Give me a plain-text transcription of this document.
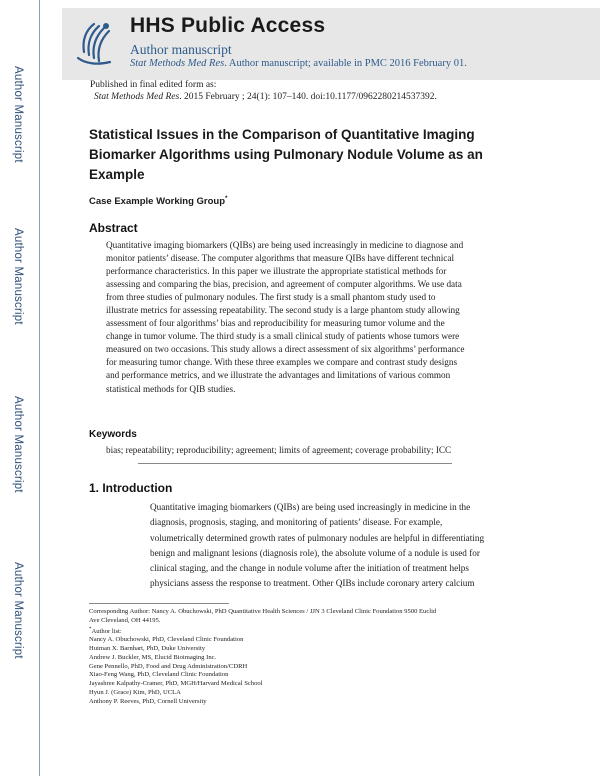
Author Manuscript
Author Manuscript
Author Manuscript
Author Manuscript
HHS Public Access
Author manuscript
Stat Methods Med Res. Author manuscript; available in PMC 2016 February 01.
Published in final edited form as:
Stat Methods Med Res. 2015 February ; 24(1): 107–140. doi:10.1177/0962280214537392.
Statistical Issues in the Comparison of Quantitative Imaging
Biomarker Algorithms using Pulmonary Nodule Volume as an
Example
Case Example Working Group*
Abstract
Quantitative imaging biomarkers (QIBs) are being used increasingly in medicine to diagnose and
monitor patients’ disease. The computer algorithms that measure QIBs have different technical
performance characteristics. In this paper we illustrate the appropriate statistical methods for
assessing and comparing the bias, precision, and agreement of computer algorithms. We use data
from three studies of pulmonary nodules. The first study is a small phantom study used to
illustrate metrics for assessing repeatability. The second study is a large phantom study allowing
assessment of four algorithms’ bias and reproducibility for measuring tumor volume and the
change in tumor volume. The third study is a small clinical study of patients whose tumors were
measured on two occasions. This study allows a direct assessment of six algorithms’ performance
for measuring tumor change. With these three examples we compare and contrast study designs
and performance metrics, and we illustrate the advantages and limitations of various common
statistical methods for QIB studies.
Keywords
bias; repeatability; reproducibility; agreement; limits of agreement; coverage probability; ICC
1. Introduction
Quantitative imaging biomarkers (QIBs) are being used increasingly in medicine in the
diagnosis, prognosis, staging, and monitoring of patients’ disease. For example,
volumetrically determined growth rates of pulmonary nodules are helpful in differentiating
benign and malignant lesions (diagnosis role), the absolute volume of a nodule is used for
clinical staging, and the change in nodule volume after the initiation of treatment helps
physicians assess the response to treatment. Other QIBs include coronary artery calcium
Corresponding Author: Nancy A. Obuchowski, PhD Quantitative Health Sciences / JJN 3 Cleveland Clinic Foundation 9500 Euclid
Ave Cleveland, OH 44195.
*Author list:
Nancy A. Obuchowski, PhD, Cleveland Clinic Foundation
Huiman X. Barnhart, PhD, Duke University
Andrew J. Buckler, MS, Elucid Bioimaging Inc.
Gene Pennello, PhD, Food and Drug Administration/CDRH
Xiao-Feng Wang, PhD, Cleveland Clinic Foundation
Jayashree Kalpathy-Cramer, PhD, MGH/Harvard Medical School
Hyun J. (Grace) Kim, PhD, UCLA
Anthony P. Reeves, PhD, Cornell University
